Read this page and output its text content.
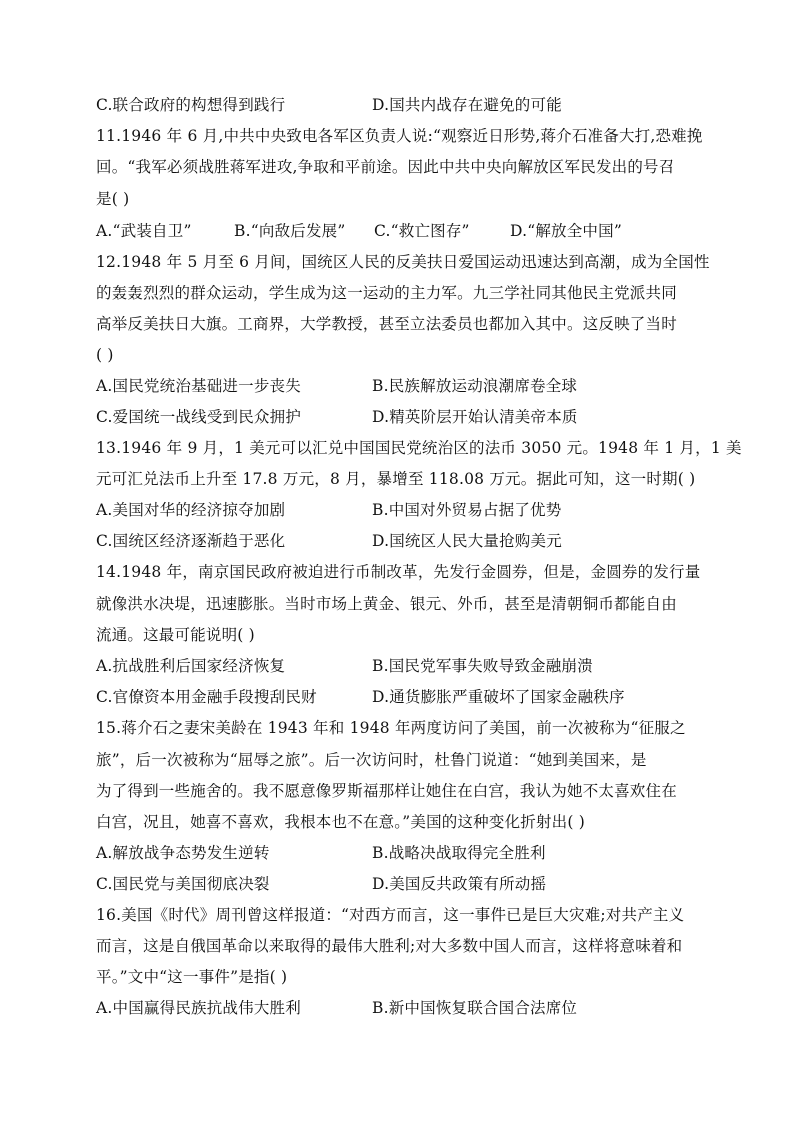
C.联合政府的构想得到践行	D.国共内战存在避免的可能
11.1946 年 6 月,中共中央致电各军区负责人说:“观察近日形势,蒋介石准备大打,恐难挽
回。“我军必须战胜蒋军进攻,争取和平前途。因此中共中央向解放区军民发出的号召
是( )
A.“武装自卫”	B.“向敌后发展” C.“救亡图存”	D.“解放全中国”
12.1948 年 5 月至 6 月间，国统区人民的反美扶日爱国运动迅速达到高潮，成为全国性
的轰轰烈烈的群众运动，学生成为这一运动的主力军。九三学社同其他民主党派共同
高举反美扶日大旗。工商界，大学教授，甚至立法委员也都加入其中。这反映了当时
( )
A.国民党统治基础进一步丧失	B.民族解放运动浪潮席卷全球
C.爱国统一战线受到民众拥护	D.精英阶层开始认清美帝本质
13.1946 年 9 月，1 美元可以汇兑中国国民党统治区的法币 3050 元。1948 年 1 月，1 美
元可汇兑法币上升至 17.8 万元，8 月，暴增至 118.08 万元。据此可知，这一时期( )
A.美国对华的经济掠夺加剧	B.中国对外贸易占据了优势
C.国统区经济逐渐趋于恶化	D.国统区人民大量抢购美元
14.1948 年，南京国民政府被迫进行币制改革，先发行金圆券，但是，金圆券的发行量
就像洪水决堤，迅速膨胀。当时市场上黄金、银元、外币，甚至是清朝铜币都能自由
流通。这最可能说明( )
A.抗战胜利后国家经济恢复	B.国民党军事失败导致金融崩溃
C.官僚资本用金融手段搜刮民财	D.通货膨胀严重破坏了国家金融秩序
15.蒋介石之妻宋美龄在 1943 年和 1948 年两度访问了美国，前一次被称为“征服之
旅”，后一次被称为“屈辱之旅”。后一次访问时，杜鲁门说道：“她到美国来，是
为了得到一些施舍的。我不愿意像罗斯福那样让她住在白宫，我认为她不太喜欢住在
白宫，况且，她喜不喜欢，我根本也不在意。”美国的这种变化折射出( )
A.解放战争态势发生逆转	B.战略决战取得完全胜利
C.国民党与美国彻底决裂	D.美国反共政策有所动摇
16.美国《时代》周刊曾这样报道：“对西方而言，这一事件已是巨大灾难;对共产主义
而言，这是自俄国革命以来取得的最伟大胜利;对大多数中国人而言，这样将意味着和
平。”文中“这一事件”是指( )
A.中国赢得民族抗战伟大胜利	B.新中国恢复联合国合法席位
